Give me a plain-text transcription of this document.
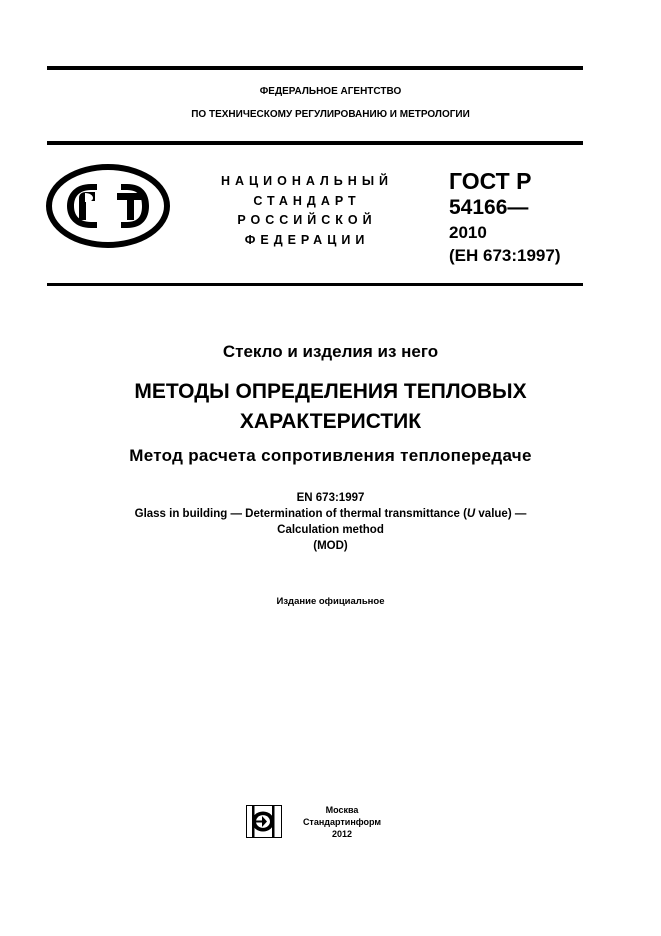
ФЕДЕРАЛЬНОЕ АГЕНТСТВО
ПО ТЕХНИЧЕСКОМУ РЕГУЛИРОВАНИЮ И МЕТРОЛОГИИ
НАЦИОНАЛЬНЫЙ
СТАНДАРТ
РОССИЙСКОЙ
ФЕДЕРАЦИИ
ГОСТ Р
54166—
2010
(ЕН 673:1997)
Стекло и изделия из него
МЕТОДЫ ОПРЕДЕЛЕНИЯ ТЕПЛОВЫХ
ХАРАКТЕРИСТИК
Метод расчета сопротивления теплопередаче
EN 673:1997
Glass in building — Determination of thermal transmittance (U value) —
Calculation method
(MOD)
Издание официальное
Москва
Стандартинформ
2012
